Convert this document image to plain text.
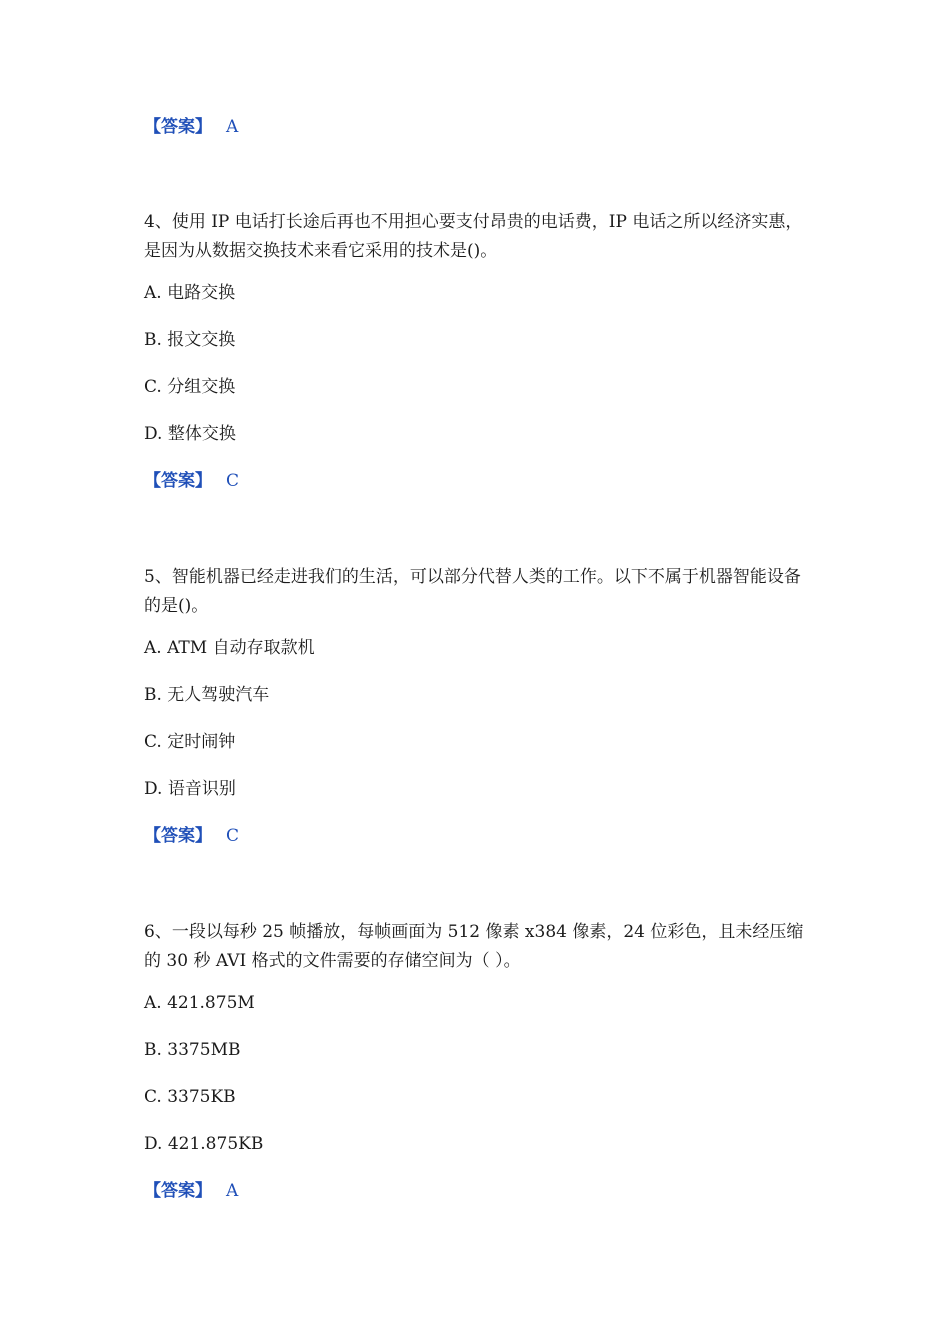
【答案】 A
4、使用 IP 电话打长途后再也不用担心要支付昂贵的电话费，IP 电话之所以经济实惠，是因为从数据交换技术来看它采用的技术是()。
A. 电路交换
B. 报文交换
C. 分组交换
D. 整体交换
【答案】 C
5、智能机器已经走进我们的生活，可以部分代替人类的工作。以下不属于机器智能设备的是()。
A. ATM 自动存取款机
B. 无人驾驶汽车
C. 定时闹钟
D. 语音识别
【答案】 C
6、一段以每秒 25 帧播放，每帧画面为 512 像素 x384 像素，24 位彩色，且未经压缩的 30 秒 AVI 格式的文件需要的存储空间为（ ）。
A. 421.875M
B. 3375MB
C. 3375KB
D. 421.875KB
【答案】 A
